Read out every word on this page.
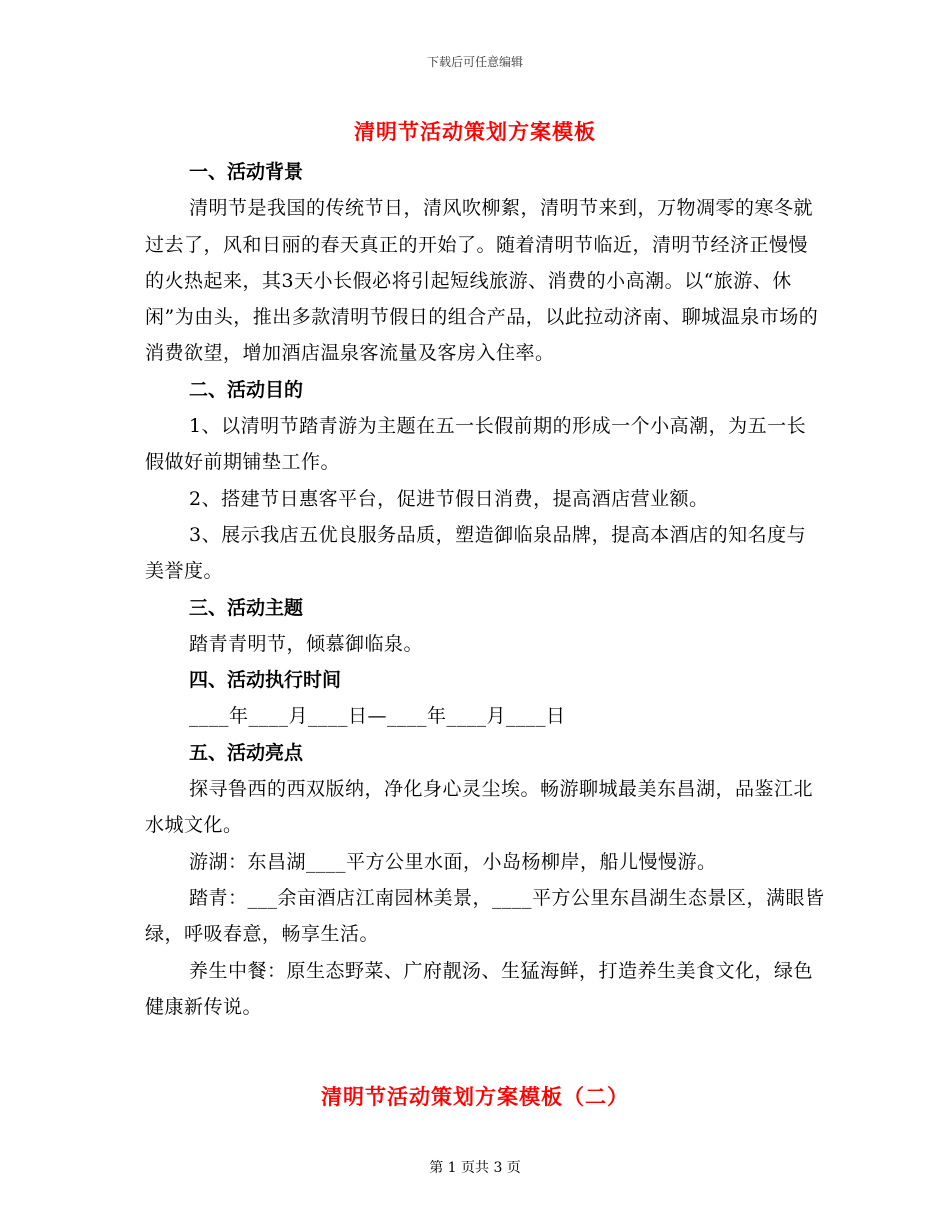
下载后可任意编辑
清明节活动策划方案模板

一、活动背景

清明节是我国的传统节日，清风吹柳絮，清明节来到，万物凋零的寒冬就过去了，风和日丽的春天真正的开始了。随着清明节临近，清明节经济正慢慢的火热起来，其3天小长假必将引起短线旅游、消费的小高潮。以“旅游、休闲”为由头，推出多款清明节假日的组合产品，以此拉动济南、聊城温泉市场的消费欲望，增加酒店温泉客流量及客房入住率。

二、活动目的

1、以清明节踏青游为主题在五一长假前期的形成一个小高潮，为五一长假做好前期铺垫工作。

2、搭建节日惠客平台，促进节假日消费，提高酒店营业额。

3、展示我店五优良服务品质，塑造御临泉品牌，提高本酒店的知名度与美誉度。

三、活动主题

踏青青明节，倾慕御临泉。

四、活动执行时间

____年____月____日—____年____月____日

五、活动亮点

探寻鲁西的西双版纳，净化身心灵尘埃。畅游聊城最美东昌湖，品鉴江北水城文化。

游湖：东昌湖____平方公里水面，小岛杨柳岸，船儿慢慢游。

踏青：___余亩酒店江南园林美景，____平方公里东昌湖生态景区，满眼皆绿，呼吸春意，畅享生活。

养生中餐：原生态野菜、广府靓汤、生猛海鲜，打造养生美食文化，绿色健康新传说。

清明节活动策划方案模板（二）
第 1 页共 3 页
